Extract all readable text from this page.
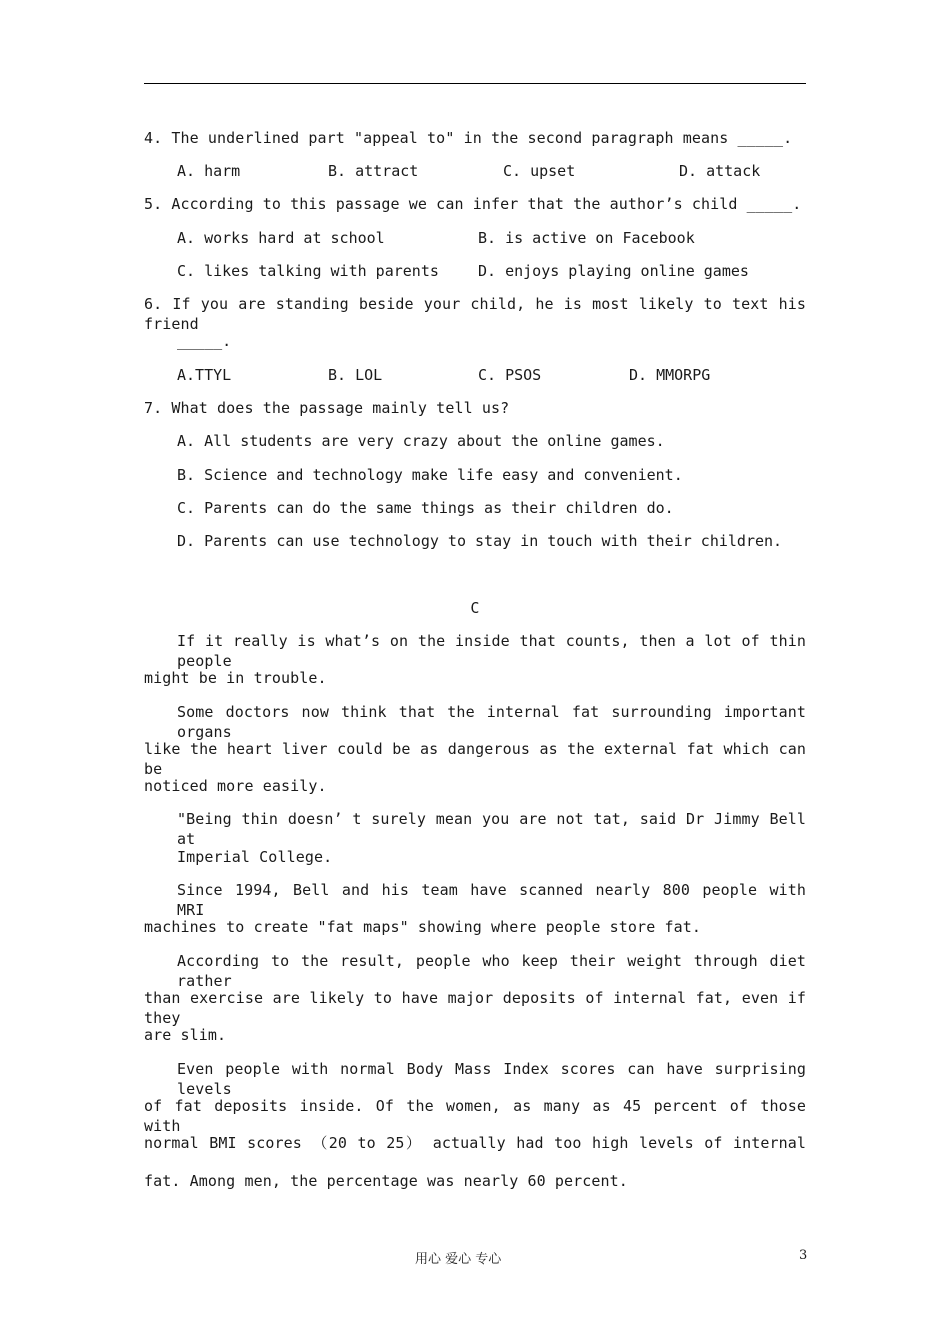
4. The underlined part "appeal to" in the second paragraph means _____.
A. harm	B. attract	C. upset	D. attack
5. According to this passage we can infer that the author’s child _____.
A. works hard at school	B. is active on Facebook
C. likes talking with parents	D. enjoys playing online games
6. If you are standing beside your child, he is most likely to text his friend
_____.
A.TTYL	B. LOL	C. PSOS	D. MMORPG
7. What does the passage mainly tell us?
A. All students are very crazy about the online games.
B. Science and technology make life easy and convenient.
C. Parents can do the same things as their children do.
D. Parents can use technology to stay in touch with their children.
C
If it really is what’s on the inside that counts, then a lot of thin people
might be in trouble.
Some doctors now think that the internal fat surrounding important organs
like the heart liver could be as dangerous as the external fat which can be
noticed more easily.
"Being thin doesn’ t surely mean you are not tat, said Dr Jimmy Bell at
Imperial College.
Since 1994, Bell and his team have scanned nearly 800 people with MRI
machines to create "fat maps" showing where people store fat.
According to the result, people who keep their weight through diet rather
than exercise are likely to have major deposits of internal fat, even if they
are slim.
Even people with normal Body Mass Index scores can have surprising levels
of fat deposits inside. Of the women, as many as 45 percent of those with
normal BMI scores （20 to 25） actually had too high levels of internal
fat. Among men, the percentage was nearly 60 percent.
用心 爱心 专心	3
